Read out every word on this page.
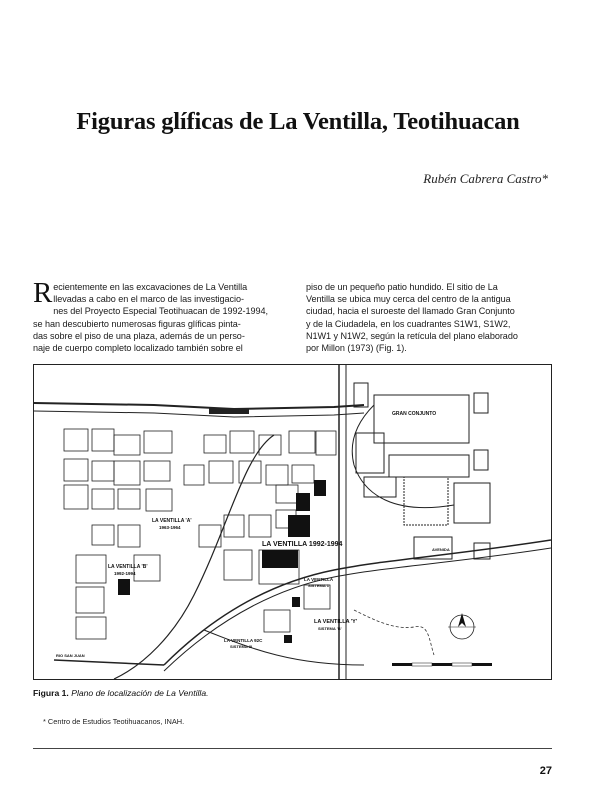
Figuras glíficas de La Ventilla, Teotihuacan
Rubén Cabrera Castro*
R ecientemente en las excavaciones de La Ventilla
llevadas a cabo en el marco de las investigacio-
nes del Proyecto Especial Teotihuacan de 1992-1994,
se han descubierto numerosas figuras glíficas pinta-
das sobre el piso de una plaza, además de un perso-
naje de cuerpo completo localizado también sobre el
piso de un pequeño patio hundido. El sitio de La
Ventilla se ubica muy cerca del centro de la antigua
ciudad, hacia el suroeste del llamado Gran Conjunto
y de la Ciudadela, en los cuadrantes S1W1, S1W2,
N1W1 y N1W2, según la retícula del plano elaborado
por Millon (1973) (Fig. 1).
GRAN CONJUNTO
LA VENTILLA 1992-1994
LA VENTILLA 'A'
1963-1964
LA VENTILLA 'B'
1992-1994
LA VENTILLA 'Y'
SISTEMA 'B'
LA VENTILLA
SISTEMA 1
LA VENTILLA 92C
SISTEMA III
RIO SAN JUAN
AVENIDA
Figura 1. Plano de localización de La Ventilla.
* Centro de Estudios Teotihuacanos, INAH.
27
